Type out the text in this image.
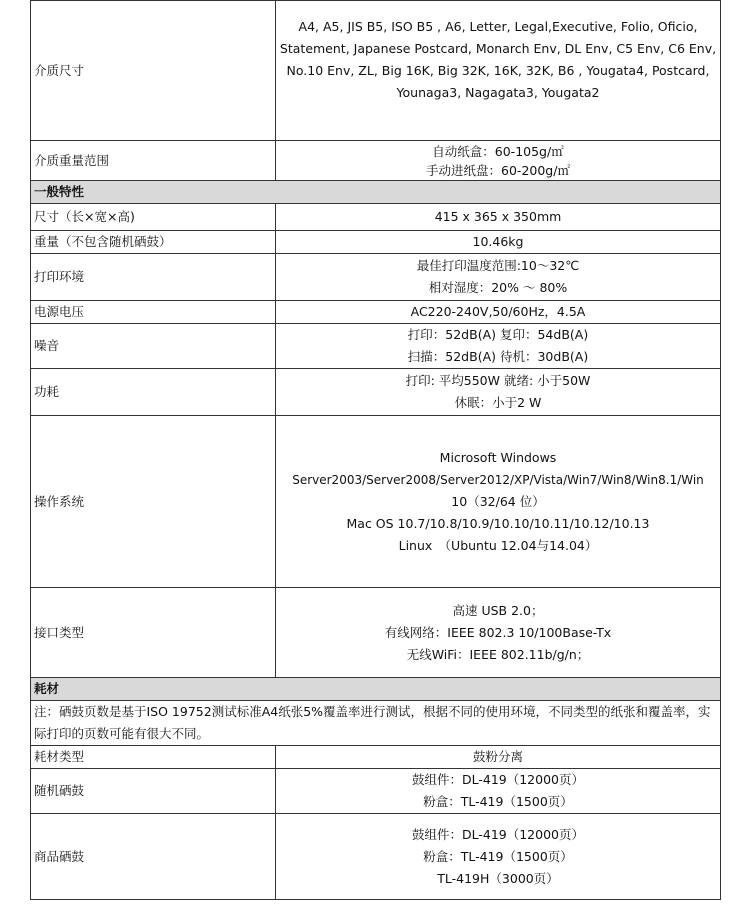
介质尺寸	A4, A5, JIS B5, ISO B5 , A6, Letter, Legal,Executive, Folio, Oficio,
Statement, Japanese Postcard, Monarch Env, DL Env, C5 Env, C6 Env,
No.10 Env, ZL, Big 16K, Big 32K, 16K, 32K, B6 , Yougata4, Postcard,
Younaga3, Nagagata3, Yougata2

介质重量范围	自动纸盒：60-105g/㎡
手动进纸盘：60-200g/㎡

一般特性	
尺寸（长×宽×高)	415 x 365 x 350mm
重量（不包含随机硒鼓）	10.46kg
打印环境	最佳打印温度范围:10～32℃
相对湿度：20% ～ 80%

电源电压	AC220-240V,50/60Hz，4.5A
噪音	打印：52dB(A) 复印：54dB(A)
扫描：52dB(A) 待机：30dB(A)

功耗	打印: 平均550W 就绪: 小于50W
休眠：小于2 W

操作系统	Microsoft Windows
Server2003/Server2008/Server2012/XP/Vista/Win7/Win8/Win8.1/Win
10（32/64 位）
Mac OS 10.7/10.8/10.9/10.10/10.11/10.12/10.13
Linux　（Ubuntu 12.04与14.04）

接口类型	高速 USB 2.0；
有线网络：IEEE 802.3 10/100Base-Tx
无线WiFi：IEEE 802.11b/g/n；

耗材	
注：硒鼓页数是基于ISO 19752测试标准A4纸张5%覆盖率进行测试，根据不同的使用环境，不同类型的纸张和覆盖率，实际打印的页数可能有很大不同。	
耗材类型	鼓粉分离
随机硒鼓	鼓组件：DL-419（12000页）
粉盒：TL-419（1500页）

商品硒鼓	鼓组件：DL-419（12000页）
粉盒：TL-419（1500页）
TL-419H（3000页）
